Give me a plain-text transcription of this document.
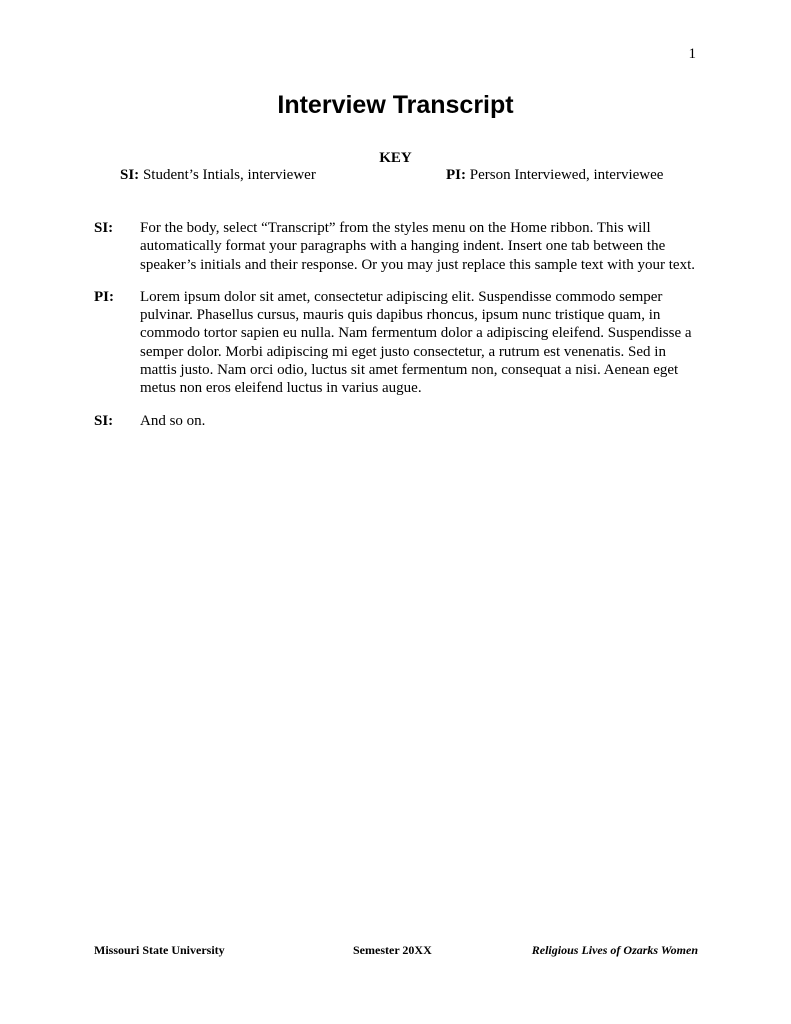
1
Interview Transcript
KEY
SI: Student’s Intials, interviewer	PI: Person Interviewed, interviewee
SI:	For the body, select “Transcript” from the styles menu on the Home ribbon. This will automatically format your paragraphs with a hanging indent. Insert one tab between the speaker’s initials and their response. Or you may just replace this sample text with your text.
PI:	Lorem ipsum dolor sit amet, consectetur adipiscing elit. Suspendisse commodo semper pulvinar. Phasellus cursus, mauris quis dapibus rhoncus, ipsum nunc tristique quam, in commodo tortor sapien eu nulla. Nam fermentum dolor a adipiscing eleifend. Suspendisse a semper dolor. Morbi adipiscing mi eget justo consectetur, a rutrum est venenatis. Sed in mattis justo. Nam orci odio, luctus sit amet fermentum non, consequat a nisi. Aenean eget metus non eros eleifend luctus in varius augue.
SI:	And so on.
Missouri State University	Semester 20XX	Religious Lives of Ozarks Women
